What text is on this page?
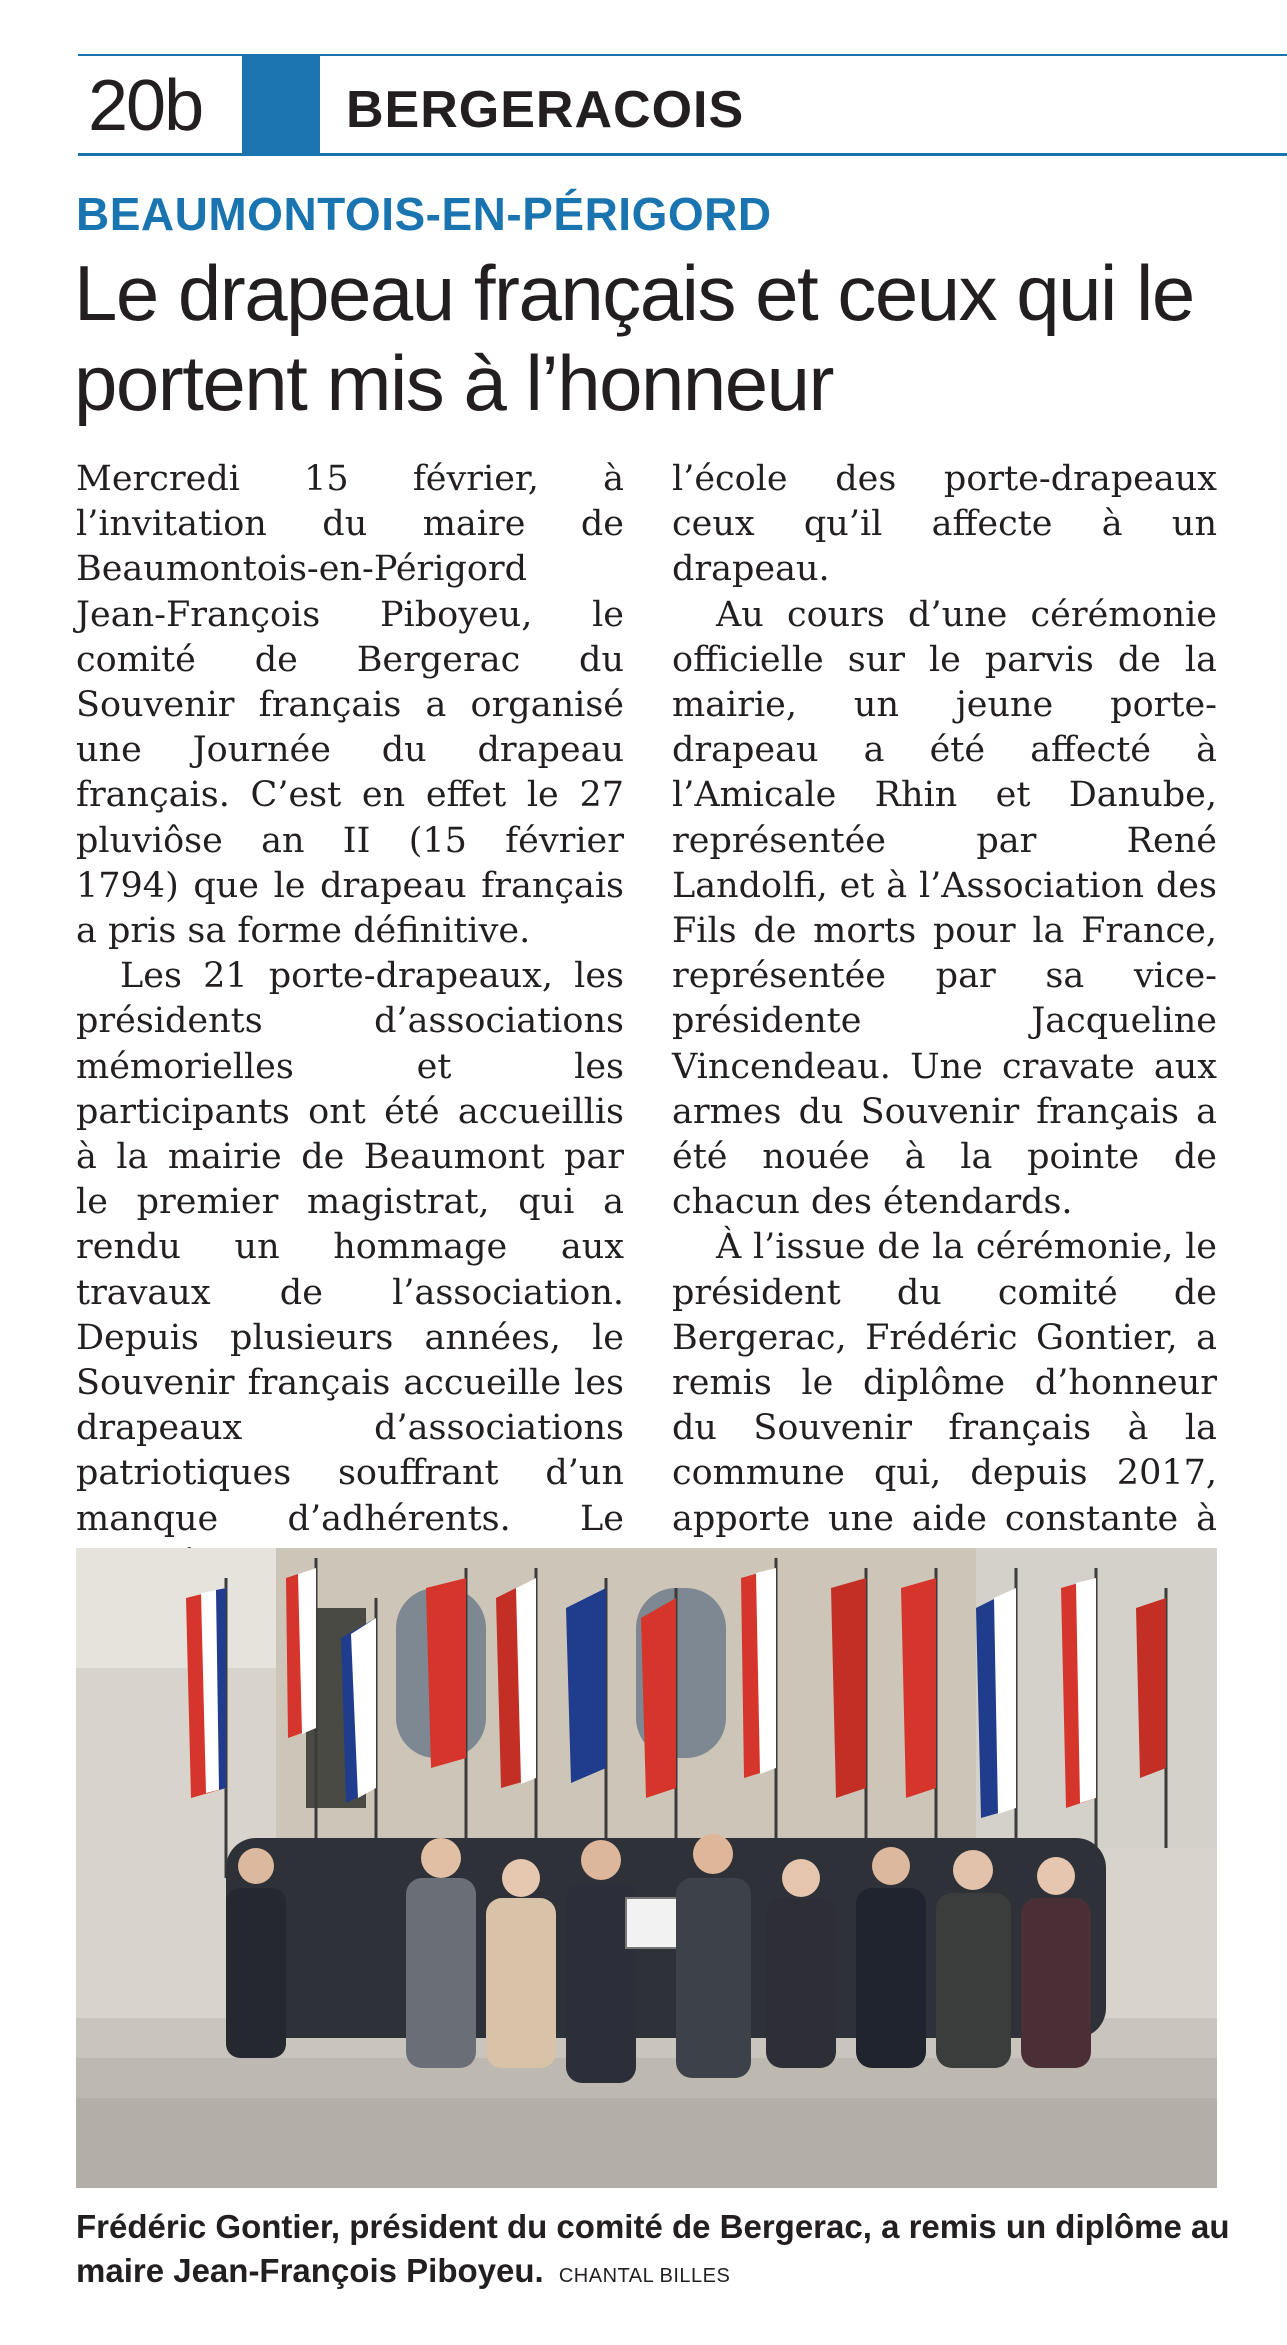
20b	BERGERACOIS
BEAUMONTOIS-EN-PÉRIGORD
Le drapeau français et ceux qui le portent mis à l’honneur

Mercredi 15 février, à l’invitation du maire de Beaumontois-en-Périgord Jean-François Piboyeu, le comité de Bergerac du Souvenir français a organisé une Journée du drapeau français. C’est en effet le 27 pluviôse an II (15 février 1794) que le drapeau français a pris sa forme définitive.

Les 21 porte-drapeaux, les présidents d’associations mémorielles et les participants ont été accueillis à la mairie de Beaumont par le premier magistrat, qui a rendu un hommage aux travaux de l’association. Depuis plusieurs années, le Souvenir français accueille les drapeaux d’associations patriotiques souffrant d’un manque d’adhérents. Le

l’école des porte-drapeaux ceux qu’il affecte à un drapeau.

Au cours d’une cérémonie officielle sur le parvis de la mairie, un jeune porte-drapeau a été affecté à l’Amicale Rhin et Danube, représentée par René Landolfi, et à l’Association des Fils de morts pour la France, représentée par sa vice-présidente Jacqueline Vincendeau. Une cravate aux armes du Souvenir français a été nouée à la pointe de chacun des étendards.

À l’issue de la cérémonie, le président du comité de Bergerac, Frédéric Gontier, a remis le diplôme d’honneur du Souvenir français à la commune qui, depuis 2017, apporte une aide constante à

Frédéric Gontier, président du comité de Bergerac, a remis un diplôme au maire Jean-François Piboyeu. CHANTAL BILLES
